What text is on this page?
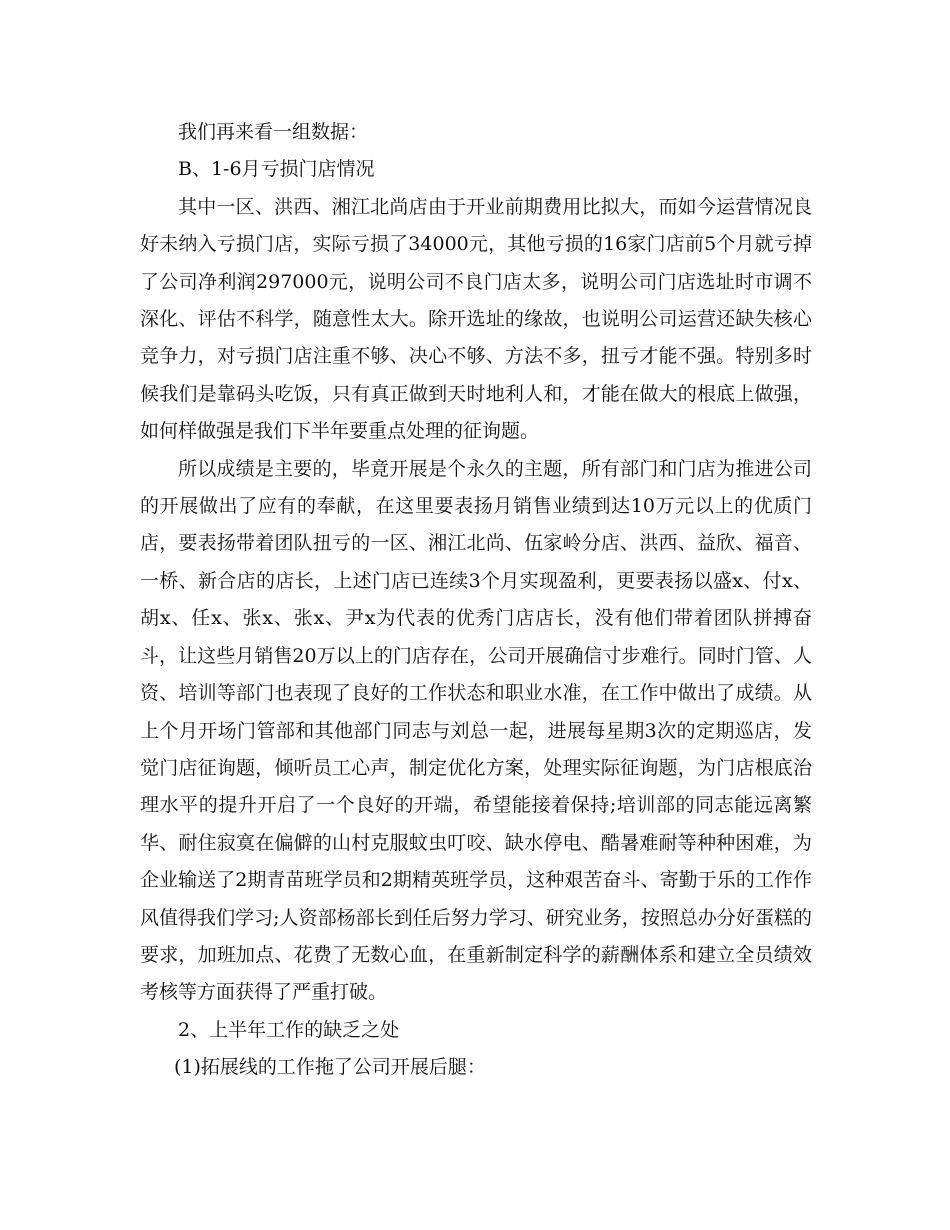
我们再来看一组数据：

B、1-6月亏损门店情况

其中一区、洪西、湘江北尚店由于开业前期费用比拟大，而如今运营情况良好未纳入亏损门店，实际亏损了34000元，其他亏损的16家门店前5个月就亏掉了公司净利润297000元，说明公司不良门店太多，说明公司门店选址时市调不深化、评估不科学，随意性太大。除开选址的缘故，也说明公司运营还缺失核心竞争力，对亏损门店注重不够、决心不够、方法不多，扭亏才能不强。特别多时候我们是靠码头吃饭，只有真正做到天时地利人和，才能在做大的根底上做强，如何样做强是我们下半年要重点处理的征询题。

所以成绩是主要的，毕竟开展是个永久的主题，所有部门和门店为推进公司的开展做出了应有的奉献，在这里要表扬月销售业绩到达10万元以上的优质门店，要表扬带着团队扭亏的一区、湘江北尚、伍家岭分店、洪西、益欣、福音、一桥、新合店的店长，上述门店已连续3个月实现盈利，更要表扬以盛x、付x、胡x、任x、张x、张x、尹x为代表的优秀门店店长，没有他们带着团队拼搏奋斗，让这些月销售20万以上的门店存在，公司开展确信寸步难行。同时门管、人资、培训等部门也表现了良好的工作状态和职业水准，在工作中做出了成绩。从上个月开场门管部和其他部门同志与刘总一起，进展每星期3次的定期巡店，发觉门店征询题，倾听员工心声，制定优化方案，处理实际征询题，为门店根底治理水平的提升开启了一个良好的开端，希望能接着保持;培训部的同志能远离繁华、耐住寂寞在偏僻的山村克服蚊虫叮咬、缺水停电、酷暑难耐等种种困难，为企业输送了2期青苗班学员和2期精英班学员，这种艰苦奋斗、寄勤于乐的工作作风值得我们学习;人资部杨部长到任后努力学习、研究业务，按照总办分好蛋糕的要求，加班加点、花费了无数心血，在重新制定科学的薪酬体系和建立全员绩效考核等方面获得了严重打破。

2、上半年工作的缺乏之处

(1)拓展线的工作拖了公司开展后腿：
